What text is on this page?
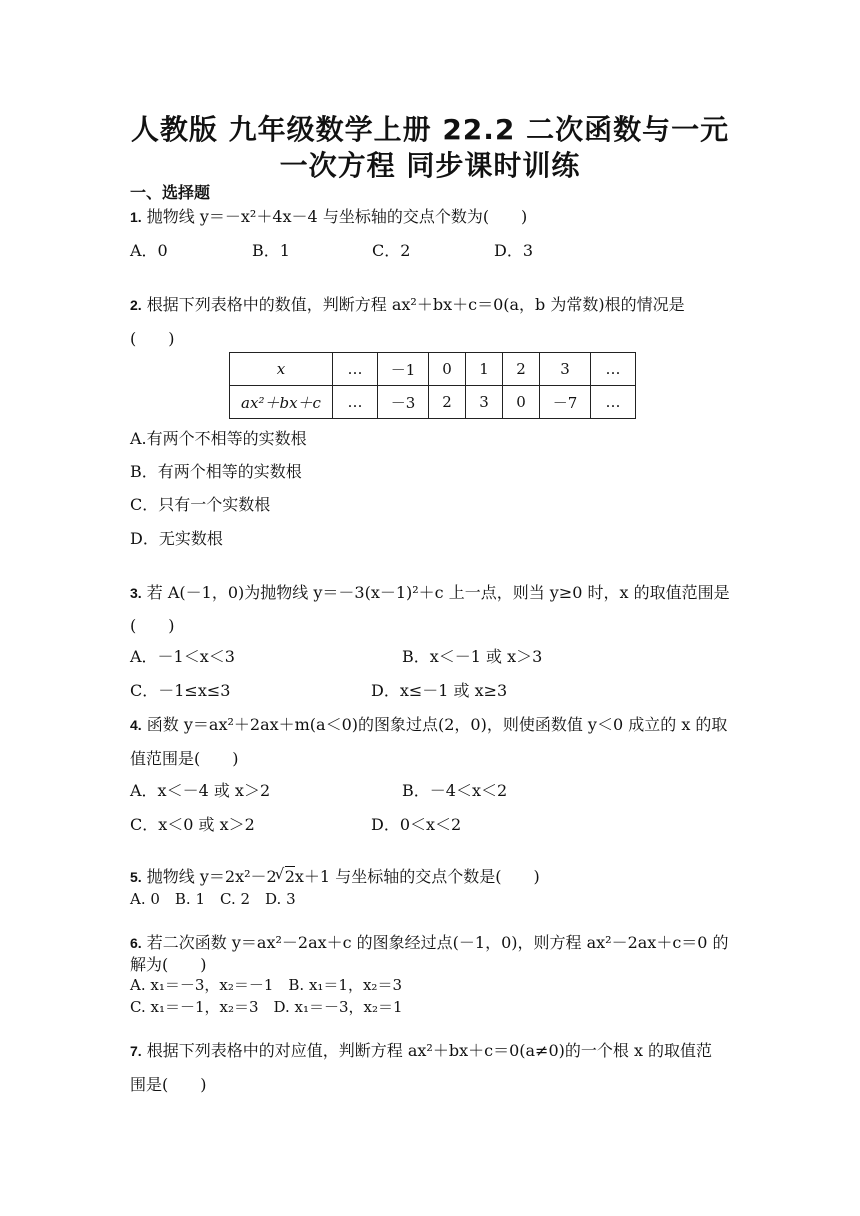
人教版 九年级数学上册 22.2 二次函数与一元
一次方程 同步课时训练
一、选择题
1. 抛物线 y＝－x²＋4x－4 与坐标轴的交点个数为(　　)
A．0	B．1	C．2	D．3
2. 根据下列表格中的数值，判断方程 ax²＋bx＋c＝0(a，b 为常数)根的情况是
(　　)
x	…	－1	0	1	2	3	…
ax²＋bx＋c	…	－3	2	3	0	－7	…
A.有两个不相等的实数根
B．有两个相等的实数根
C．只有一个实数根
D．无实数根
3. 若 A(－1，0)为抛物线 y＝－3(x－1)²＋c 上一点，则当 y≥0 时，x 的取值范围是
(　　)
A．－1＜x＜3	B．x＜－1 或 x＞3
C．－1≤x≤3	D．x≤－1 或 x≥3
4. 函数 y＝ax²＋2ax＋m(a＜0)的图象过点(2，0)，则使函数值 y＜0 成立的 x 的取
值范围是(　　)
A．x＜－4 或 x＞2	B．－4＜x＜2
C．x＜0 或 x＞2	D．0＜x＜2
5. 抛物线 y＝2x²－2 √ 2x＋1 与坐标轴的交点个数是(　　)
A. 0　B. 1　C. 2　D. 3
6. 若二次函数 y＝ax²－2ax＋c 的图象经过点(－1，0)，则方程 ax²－2ax＋c＝0 的
解为(　　)
A. x₁＝－3，x₂＝－1　B. x₁＝1，x₂＝3
C. x₁＝－1，x₂＝3　D. x₁＝－3，x₂＝1
7. 根据下列表格中的对应值，判断方程 ax²＋bx＋c＝0(a≠0)的一个根 x 的取值范
围是(　　)
